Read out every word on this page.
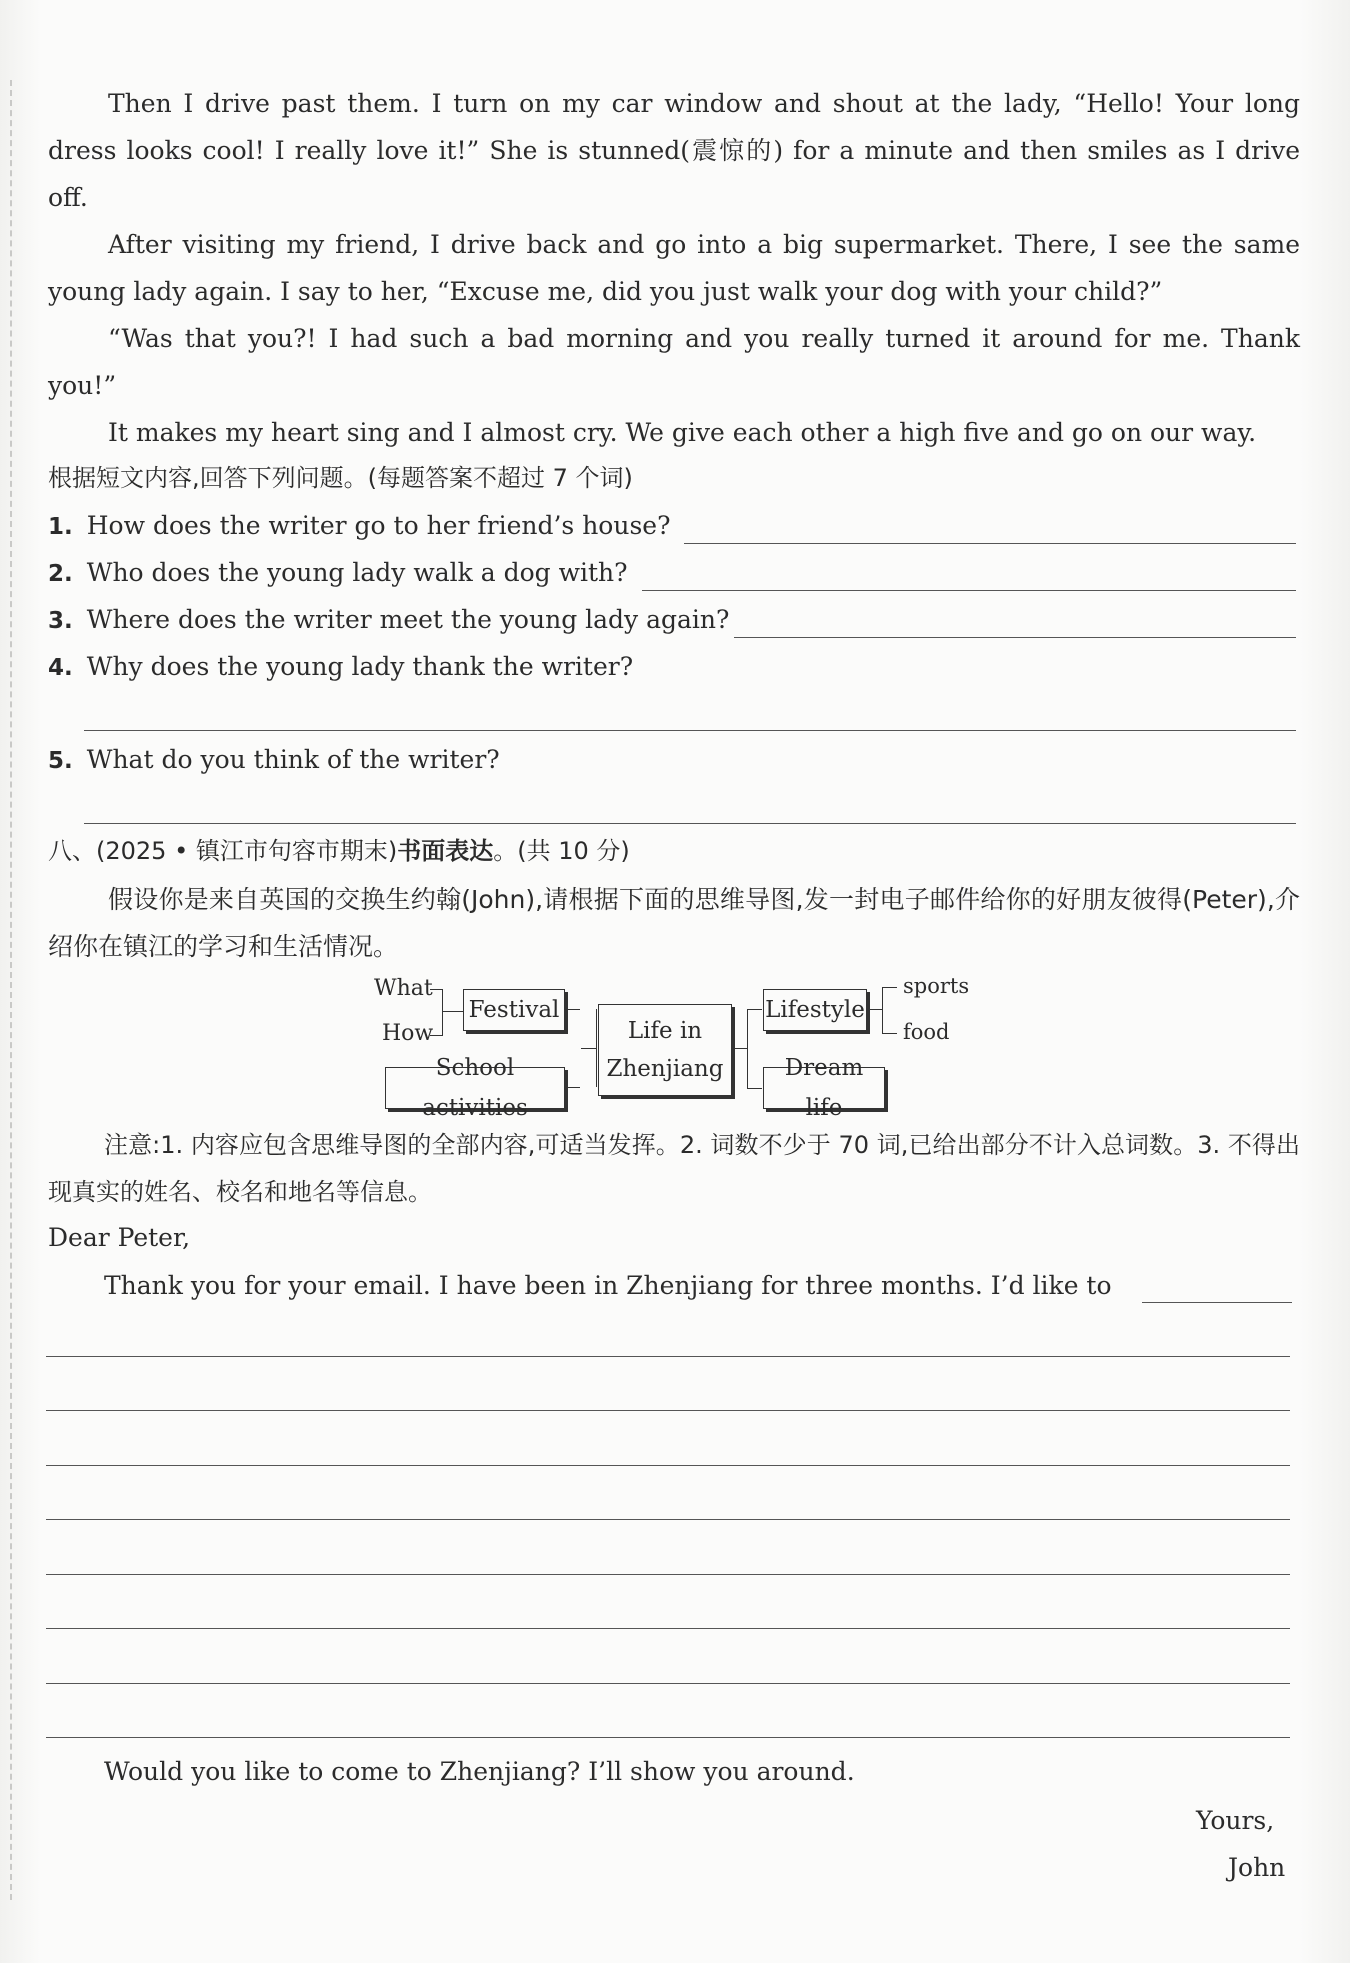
Then I drive past them. I turn on my car window and shout at the lady, “Hello! Your long dress looks cool! I really love it!” She is stunned(震惊的) for a minute and then smiles as I drive off.

After visiting my friend, I drive back and go into a big supermarket. There, I see the same young lady again. I say to her, “Excuse me, did you just walk your dog with your child?”

“Was that you?! I had such a bad morning and you really turned it around for me. Thank you!”

It makes my heart sing and I almost cry. We give each other a high five and go on our way.

根据短文内容,回答下列问题。(每题答案不超过 7 个词)

1. How does the writer go to her friend’s house?

2. Who does the young lady walk a dog with?

3. Where does the writer meet the young lady again?

4. Why does the young lady thank the writer?

5. What do you think of the writer?

八、(2025 • 镇江市句容市期末)书面表达。(共 10 分)

假设你是来自英国的交换生约翰(John),请根据下面的思维导图,发一封电子邮件给你的好朋友彼得(Peter),介绍你在镇江的学习和生活情况。

What
How
Festival
School activities
Life in
Zhenjiang
Lifestyle
Dream life
sports
food

注意:1. 内容应包含思维导图的全部内容,可适当发挥。2. 词数不少于 70 词,已给出部分不计入总词数。3. 不得出现真实的姓名、校名和地名等信息。

Dear Peter,

Thank you for your email. I have been in Zhenjiang for three months. I’d like to

Would you like to come to Zhenjiang? I’ll show you around.

Yours,

John
